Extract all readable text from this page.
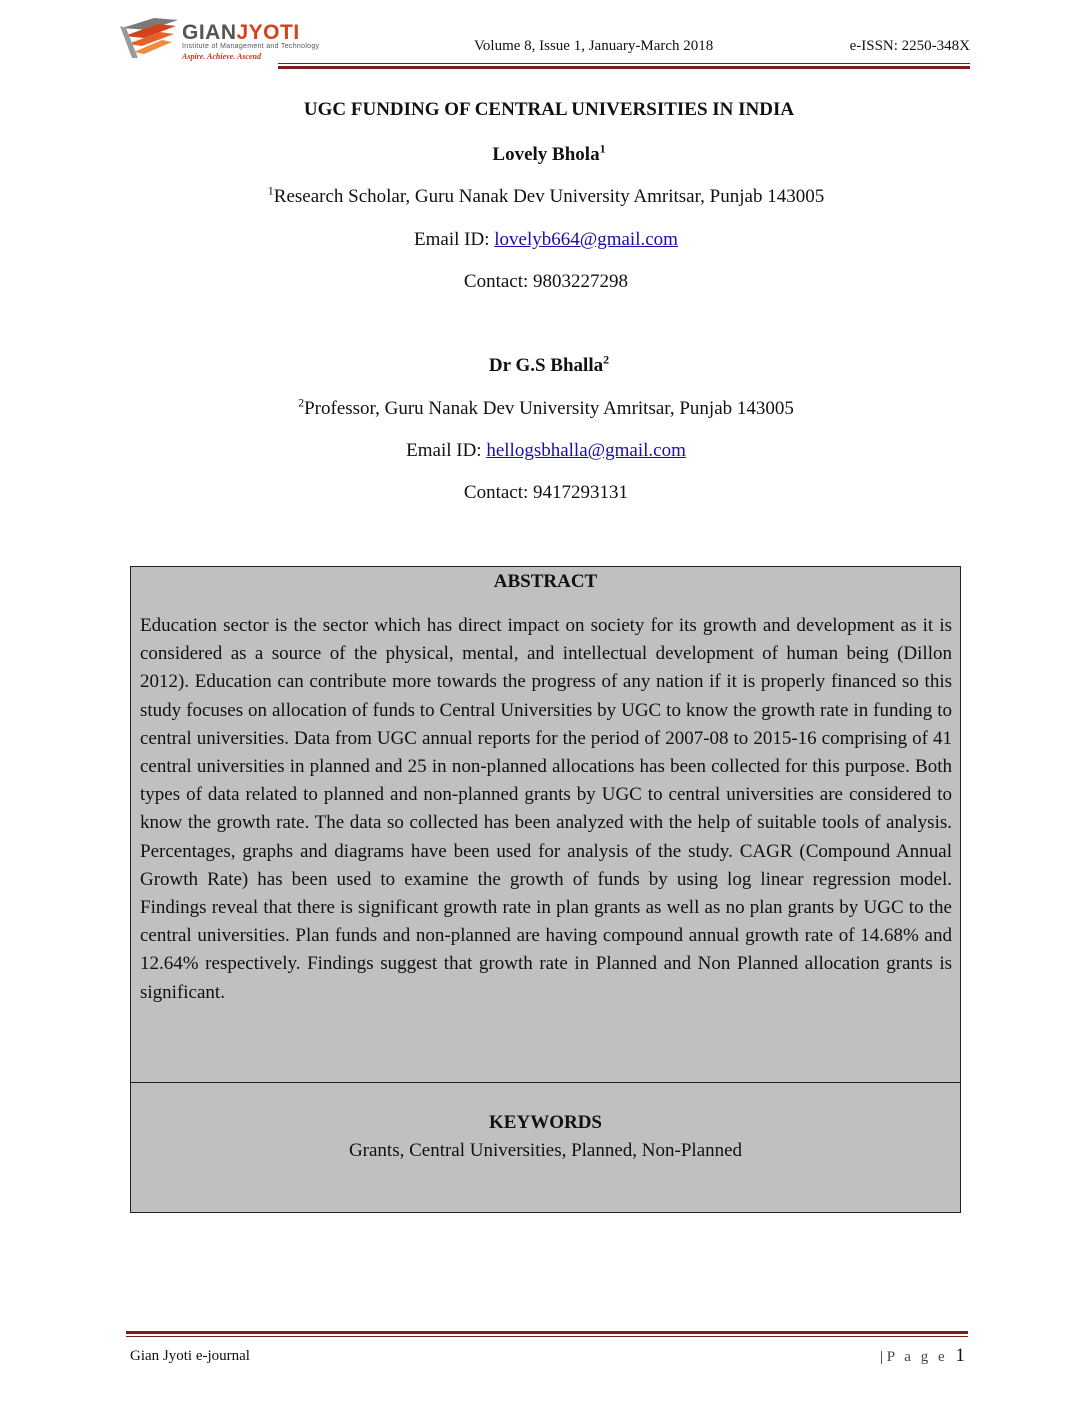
GIANJYOTI
Institute of Management and Technology
Aspire. Achieve. Ascend
Volume 8, Issue 1, January-March 2018	e-ISSN: 2250-348X
UGC FUNDING OF CENTRAL UNIVERSITIES IN INDIA
Lovely Bhola$^1$
$^1$Research Scholar, Guru Nanak Dev University Amritsar, Punjab 143005
Email ID: lovelyb664@gmail.com
Contact: 9803227298
Dr G.S Bhalla$^2$
$^2$Professor, Guru Nanak Dev University Amritsar, Punjab 143005
Email ID: hellogsbhalla@gmail.com
Contact: 9417293131
ABSTRACT
Education sector is the sector which has direct impact on society for its growth and development as it is considered as a source of the physical, mental, and intellectual development of human being (Dillon 2012). Education can contribute more towards the progress of any nation if it is properly financed so this study focuses on allocation of funds to Central Universities by UGC to know the growth rate in funding to central universities. Data from UGC annual reports for the period of 2007-08 to 2015-16 comprising of 41 central universities in planned and 25 in non-planned allocations has been collected for this purpose. Both types of data related to planned and non-planned grants by UGC to central universities are considered to know the growth rate. The data so collected has been analyzed with the help of suitable tools of analysis. Percentages, graphs and diagrams have been used for analysis of the study. CAGR (Compound Annual Growth Rate) has been used to examine the growth of funds by using log linear regression model. Findings reveal that there is significant growth rate in plan grants as well as no plan grants by UGC to the central universities. Plan funds and non-planned are having compound annual growth rate of 14.68% and 12.64% respectively. Findings suggest that growth rate in Planned and Non Planned allocation grants is significant.
KEYWORDS
Grants, Central Universities, Planned, Non-Planned
Gian Jyoti e-journal	| P a g e 1
